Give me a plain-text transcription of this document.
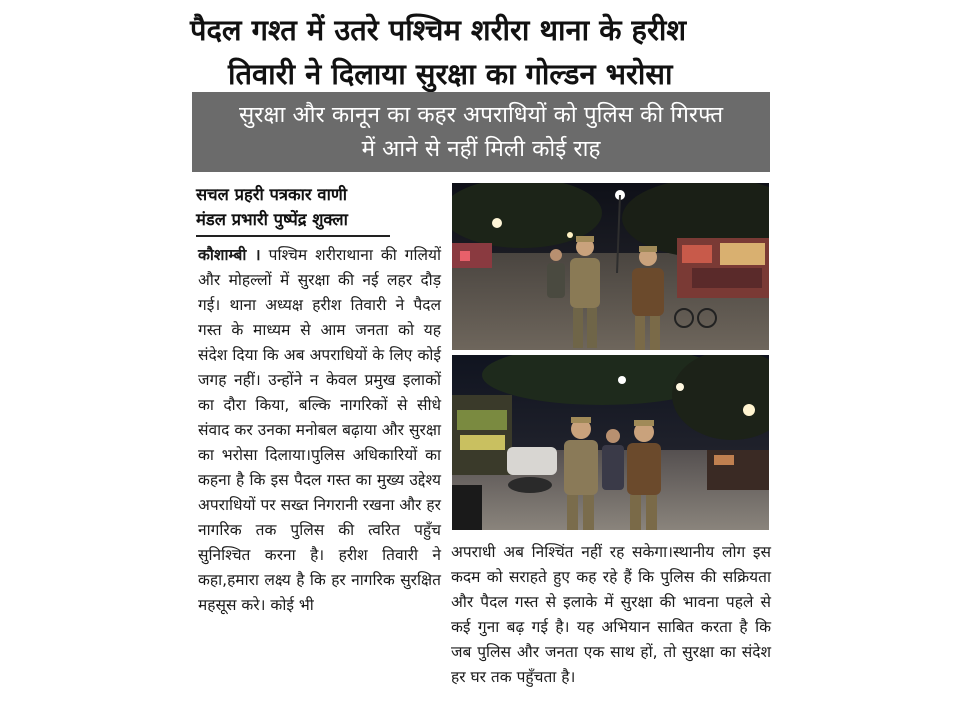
पैदल गश्त में उतरे पश्चिम शरीरा थाना के हरीश
तिवारी ने दिलाया सुरक्षा का गोल्डन भरोसा
सुरक्षा और कानून का कहर अपराधियों को पुलिस की गिरफ्त
में आने से नहीं मिली कोई राह
सचल प्रहरी पत्रकार वाणी
मंडल प्रभारी पुष्पेंद्र शुक्ला
कौशाम्बी । पश्चिम शरीराथाना की गलियों और मोहल्लों में सुरक्षा की नई लहर दौड़ गई। थाना अध्यक्ष हरीश तिवारी ने पैदल गस्त के माध्यम से आम जनता को यह संदेश दिया कि अब अपराधियों के लिए कोई जगह नहीं। उन्होंने न केवल प्रमुख इलाकों का दौरा किया, बल्कि नागरिकों से सीधे संवाद कर उनका मनोबल बढ़ाया और सुरक्षा का भरोसा दिलाया।पुलिस अधिकारियों का कहना है कि इस पैदल गस्त का मुख्य उद्देश्य अपराधियों पर सख्त निगरानी रखना और हर नागरिक तक पुलिस की त्वरित पहुँच सुनिश्चित करना है। हरीश तिवारी ने कहा,हमारा लक्ष्य है कि हर नागरिक सुरक्षित महसूस करे। कोई भी
अपराधी अब निश्चिंत नहीं रह सकेगा।स्थानीय लोग इस कदम को सराहते हुए कह रहे हैं कि पुलिस की सक्रियता और पैदल गस्त से इलाके में सुरक्षा की भावना पहले से कई गुना बढ़ गई है। यह अभियान साबित करता है कि जब पुलिस और जनता एक साथ हों, तो सुरक्षा का संदेश हर घर तक पहुँचता है।
